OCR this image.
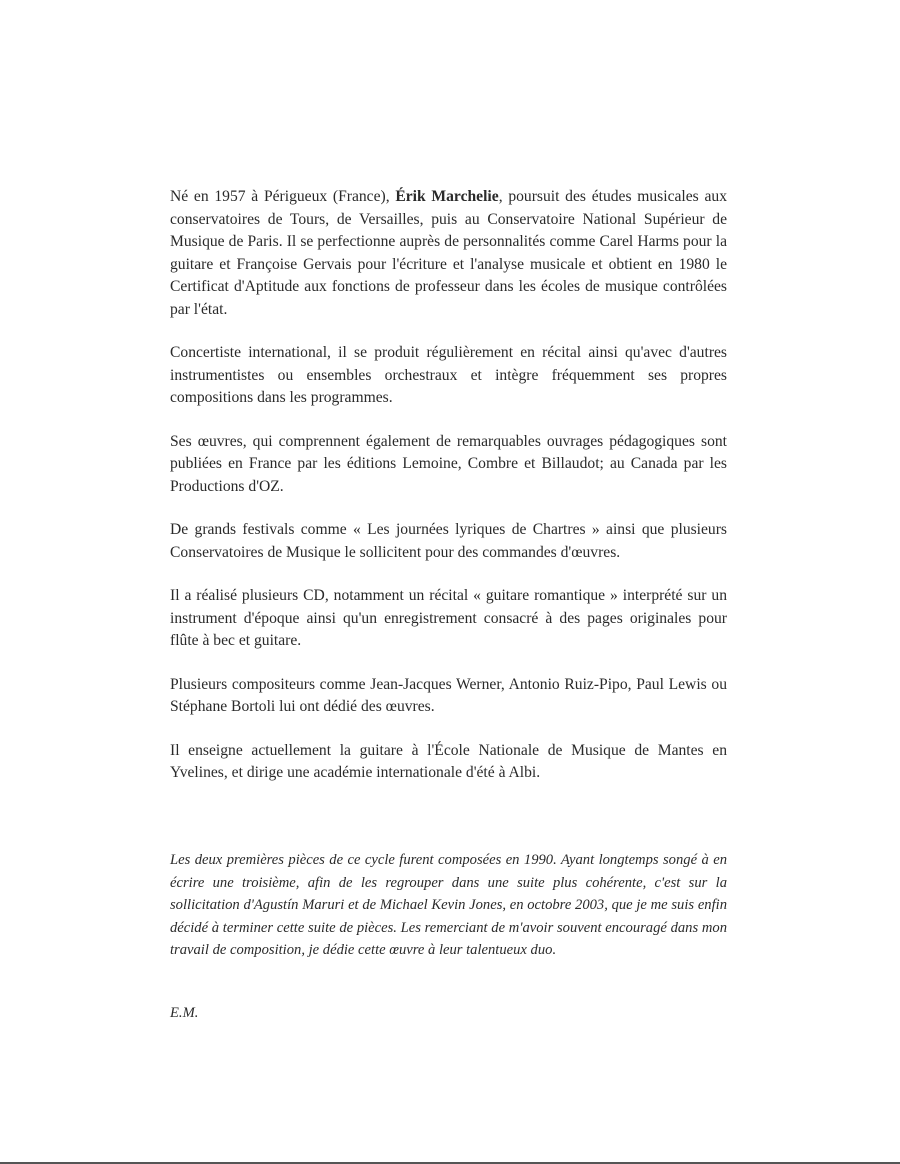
Né en 1957 à Périgueux (France), Érik Marchelie, poursuit des études musicales aux conservatoires de Tours, de Versailles, puis au Conservatoire National Supérieur de Musique de Paris. Il se perfectionne auprès de personnalités comme Carel Harms pour la guitare et Françoise Gervais pour l'écriture et l'analyse musicale et obtient en 1980 le Certificat d'Aptitude aux fonctions de professeur dans les écoles de musique contrôlées par l'état.

Concertiste international, il se produit régulièrement en récital ainsi qu'avec d'autres instrumentistes ou ensembles orchestraux et intègre fréquemment ses propres compositions dans les programmes.

Ses œuvres, qui comprennent également de remarquables ouvrages pédagogiques sont publiées en France par les éditions Lemoine, Combre et Billaudot; au Canada par les Productions d'OZ.

De grands festivals comme « Les journées lyriques de Chartres » ainsi que plusieurs Conservatoires de Musique le sollicitent pour des commandes d'œuvres.

Il a réalisé plusieurs CD, notamment un récital « guitare romantique » interprété sur un instrument d'époque ainsi qu'un enregistrement consacré à des pages originales pour flûte à bec et guitare.

Plusieurs compositeurs comme Jean-Jacques Werner, Antonio Ruiz-Pipo, Paul Lewis ou Stéphane Bortoli lui ont dédié des œuvres.

Il enseigne actuellement la guitare à l'École Nationale de Musique de Mantes en Yvelines, et dirige une académie internationale d'été à Albi.

Les deux premières pièces de ce cycle furent composées en 1990. Ayant longtemps songé à en écrire une troisième, afin de les regrouper dans une suite plus cohérente, c'est sur la sollicitation d'Agustín Maruri et de Michael Kevin Jones, en octobre 2003, que je me suis enfin décidé à terminer cette suite de pièces. Les remerciant de m'avoir souvent encouragé dans mon travail de composition, je dédie cette œuvre à leur talentueux duo.

E.M.
